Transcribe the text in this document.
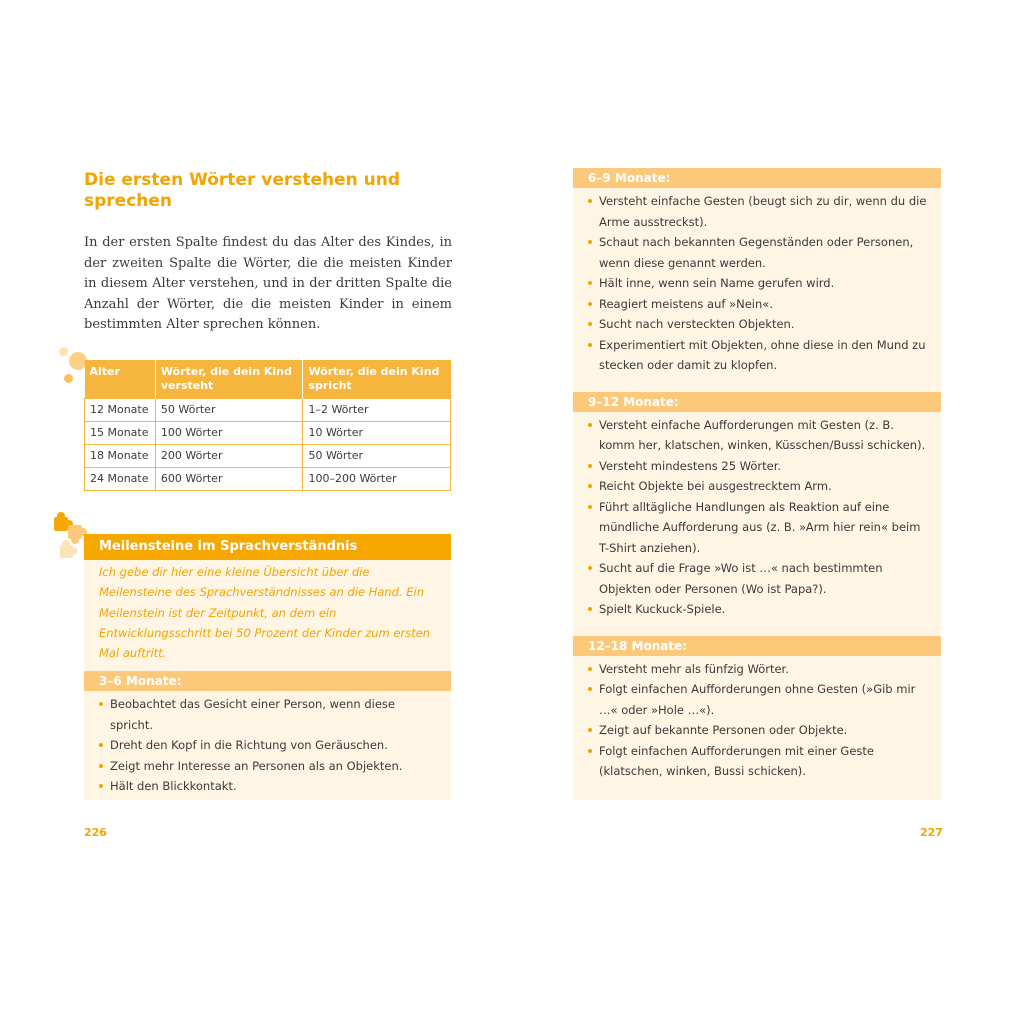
Die ersten Wörter verstehen und sprechen

In der ersten Spalte findest du das Alter des Kindes, in der zweiten Spalte die Wörter, die die meisten Kinder in diesem Alter verstehen, und in der dritten Spalte die Anzahl der Wörter, die die meisten Kinder in einem bestimmten Alter sprechen können.

Alter	Wörter, die dein Kind versteht	Wörter, die dein Kind spricht
12 Monate	50 Wörter	1–2 Wörter
15 Monate	100 Wörter	10 Wörter
18 Monate	200 Wörter	50 Wörter
24 Monate	600 Wörter	100–200 Wörter
Meilensteine im Sprachverständnis
Ich gebe dir hier eine kleine Übersicht über die Meilensteine des Sprachverständnisses an die Hand. Ein Meilenstein ist der Zeitpunkt, an dem ein Entwicklungsschritt bei 50 Prozent der Kinder zum ersten Mal auftritt.
3–6 Monate:
Beobachtet das Gesicht einer Person, wenn diese spricht.
Dreht den Kopf in die Richtung von Geräuschen.
Zeigt mehr Interesse an Personen als an Objekten.
Hält den Blickkontakt.
226
6–9 Monate:
Versteht einfache Gesten (beugt sich zu dir, wenn du die Arme ausstreckst).
Schaut nach bekannten Gegenständen oder Personen, wenn diese genannt werden.
Hält inne, wenn sein Name gerufen wird.
Reagiert meistens auf »Nein«.
Sucht nach versteckten Objekten.
Experimentiert mit Objekten, ohne diese in den Mund zu stecken oder damit zu klopfen.
9–12 Monate:
Versteht einfache Aufforderungen mit Gesten (z. B. komm her, klatschen, winken, Küsschen/Bussi schicken).
Versteht mindestens 25 Wörter.
Reicht Objekte bei ausgestrecktem Arm.
Führt alltägliche Handlungen als Reaktion auf eine mündliche Aufforderung aus (z. B. »Arm hier rein« beim T-Shirt anziehen).
Sucht auf die Frage »Wo ist …« nach bestimmten Objekten oder Personen (Wo ist Papa?).
Spielt Kuckuck-Spiele.
12–18 Monate:
Versteht mehr als fünfzig Wörter.
Folgt einfachen Aufforderungen ohne Gesten (»Gib mir …« oder »Hole …«).
Zeigt auf bekannte Personen oder Objekte.
Folgt einfachen Aufforderungen mit einer Geste (klatschen, winken, Bussi schicken).
227
